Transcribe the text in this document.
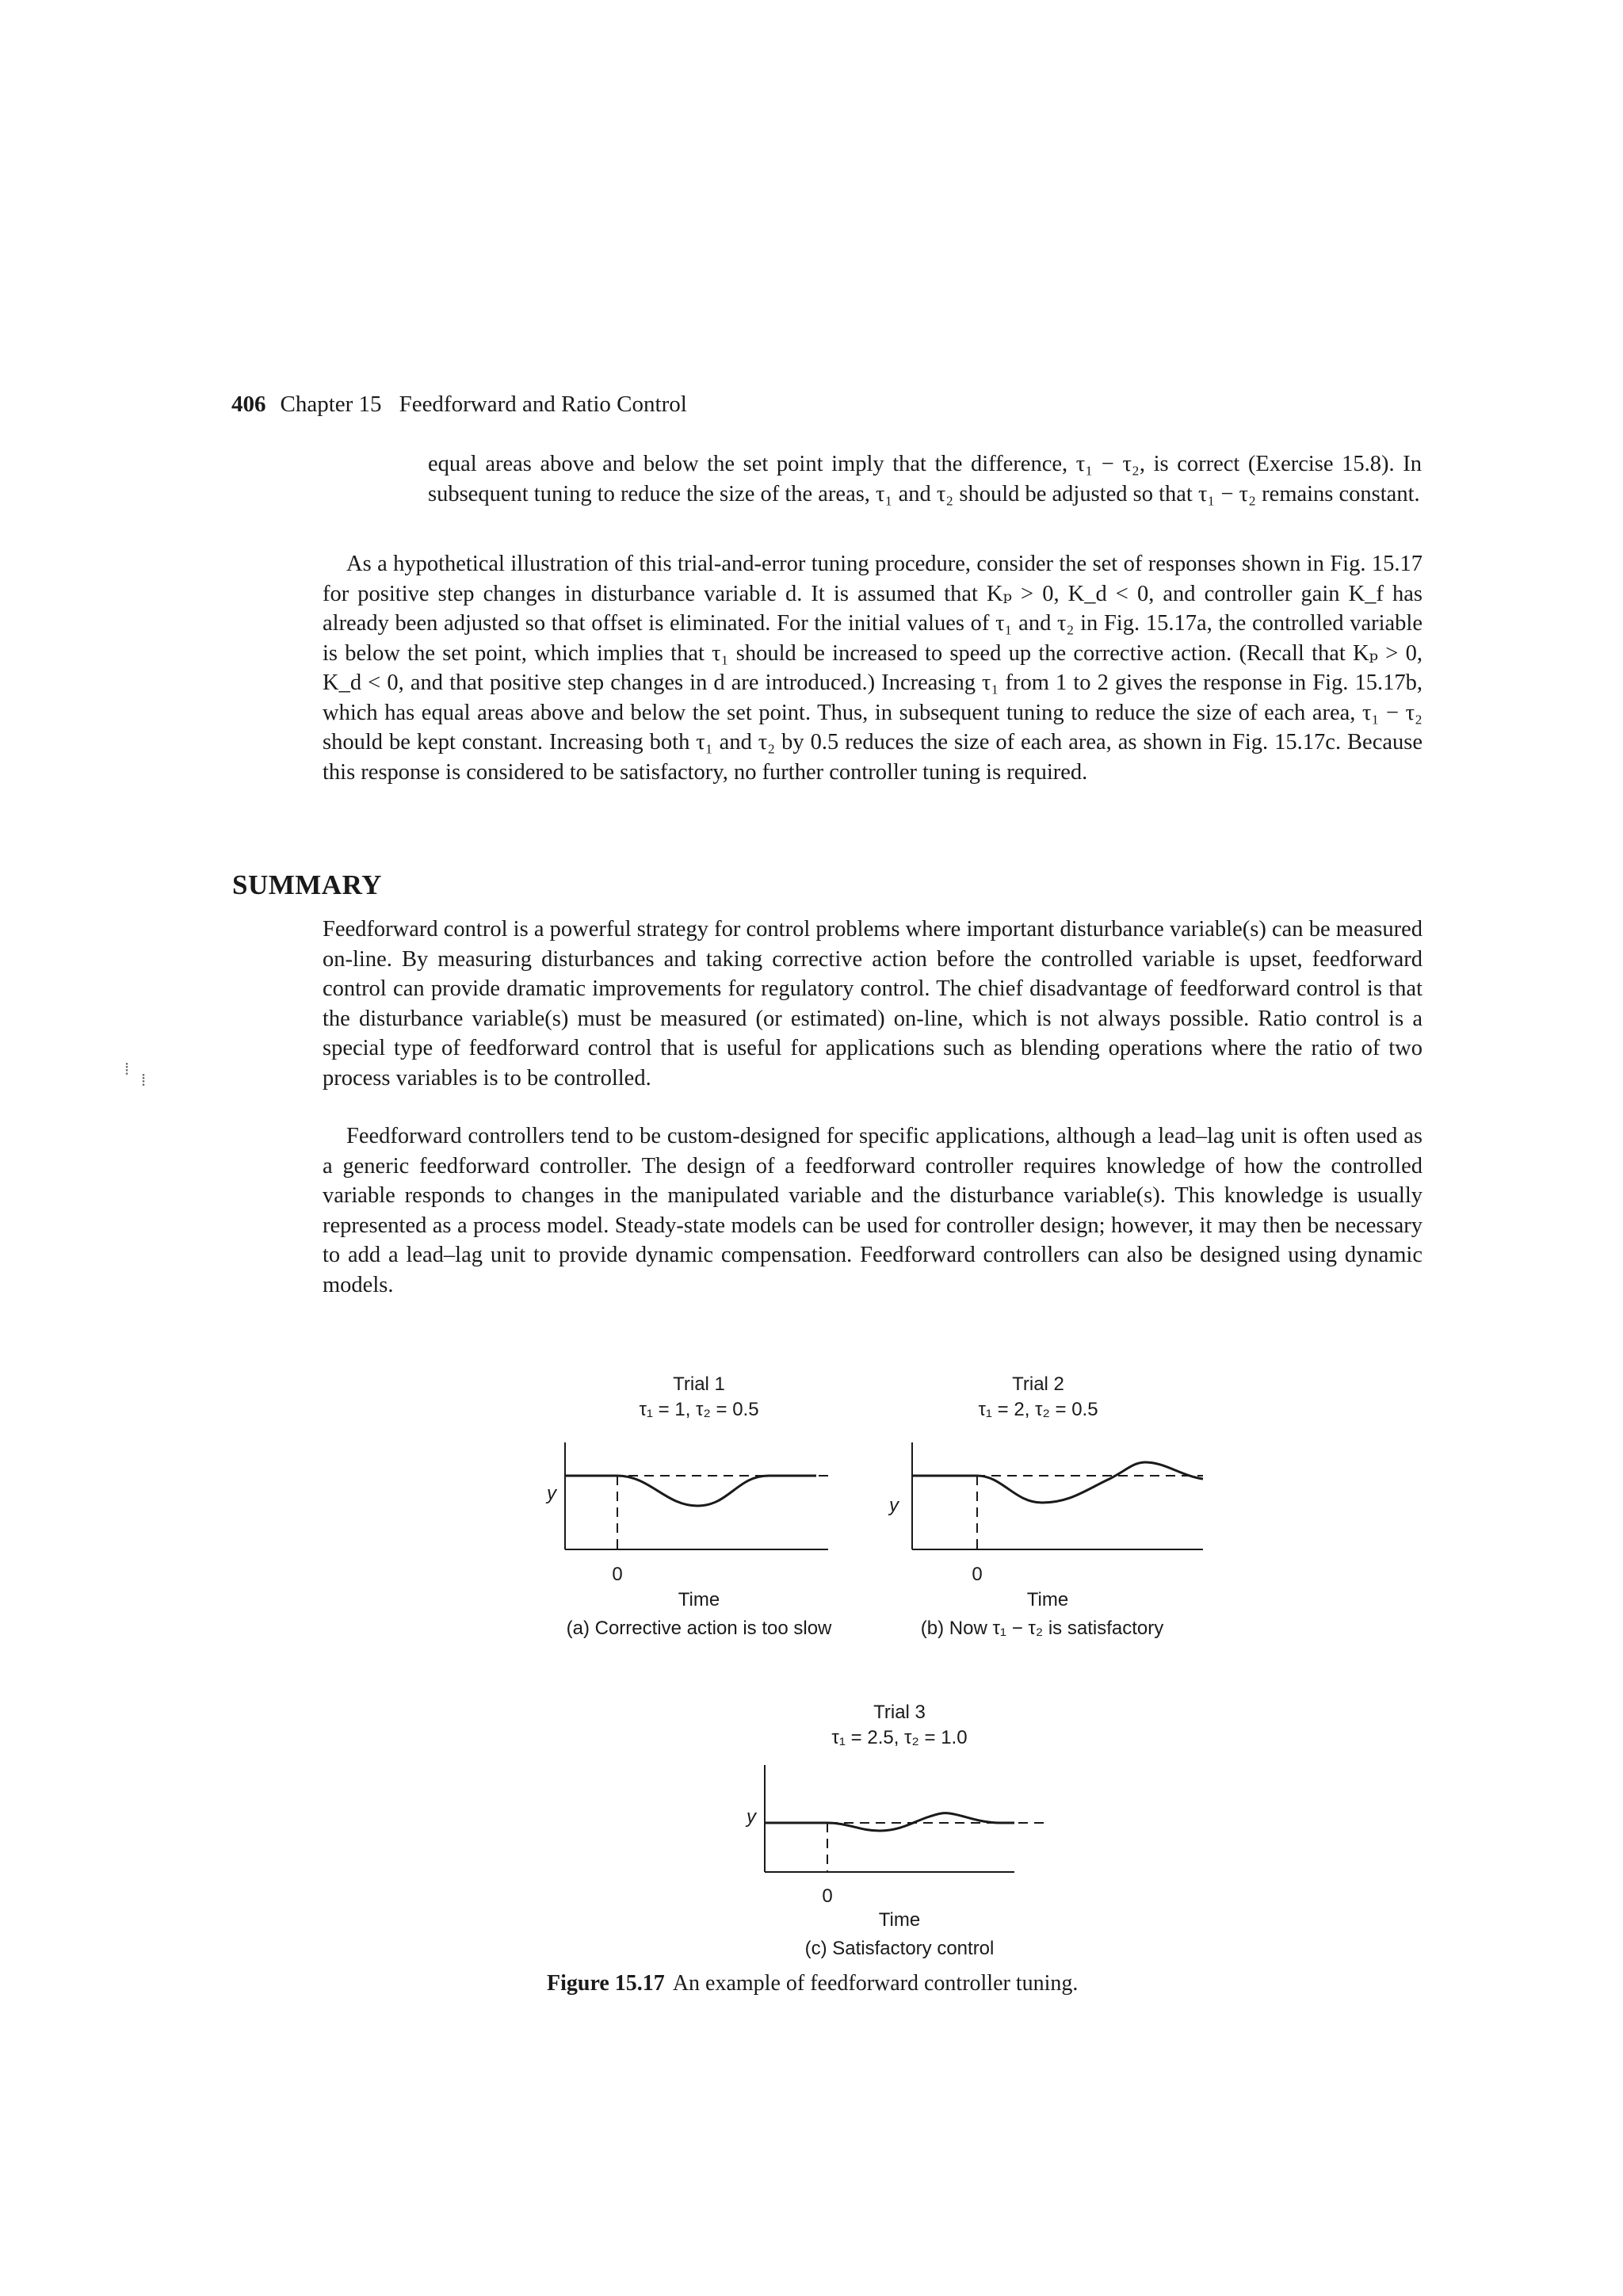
406 Chapter 15 Feedforward and Ratio Control

equal areas above and below the set point imply that the difference, τ₁ − τ₂, is correct (Exercise 15.8). In subsequent tuning to reduce the size of the areas, τ₁ and τ₂ should be adjusted so that τ₁ − τ₂ remains constant.

As a hypothetical illustration of this trial-and-error tuning procedure, consider the set of responses shown in Fig. 15.17 for positive step changes in disturbance variable d. It is assumed that Kₚ > 0, K_d < 0, and controller gain K_f has already been adjusted so that offset is eliminated. For the initial values of τ₁ and τ₂ in Fig. 15.17a, the controlled variable is below the set point, which implies that τ₁ should be increased to speed up the corrective action. (Recall that Kₚ > 0, K_d < 0, and that positive step changes in d are introduced.) Increasing τ₁ from 1 to 2 gives the response in Fig. 15.17b, which has equal areas above and below the set point. Thus, in subsequent tuning to reduce the size of each area, τ₁ − τ₂ should be kept constant. Increasing both τ₁ and τ₂ by 0.5 reduces the size of each area, as shown in Fig. 15.17c. Because this response is considered to be satisfactory, no further controller tuning is required.

SUMMARY

Feedforward control is a powerful strategy for control problems where important disturbance variable(s) can be measured on-line. By measuring disturbances and taking corrective action before the controlled variable is upset, feedforward control can provide dramatic improvements for regulatory control. The chief disadvantage of feedforward control is that the disturbance variable(s) must be measured (or estimated) on-line, which is not always possible. Ratio control is a special type of feedforward control that is useful for applications such as blending operations where the ratio of two process variables is to be controlled.

Feedforward controllers tend to be custom-designed for specific applications, although a lead–lag unit is often used as a generic feedforward controller. The design of a feedforward controller requires knowledge of how the controlled variable responds to changes in the manipulated variable and the disturbance variable(s). This knowledge is usually represented as a process model. Steady-state models can be used for controller design; however, it may then be necessary to add a lead–lag unit to provide dynamic compensation. Feedforward controllers can also be designed using dynamic models.

⁞
⁞
Trial 1
τ₁ = 1, τ₂ = 0.5
y
0
Time
(a) Corrective action is too slow
Trial 2
τ₁ = 2, τ₂ = 0.5
y
0
Time
(b) Now τ₁ − τ₂ is satisfactory
Trial 3
τ₁ = 2.5, τ₂ = 1.0
y
0
Time
(c) Satisfactory control
Figure 15.17 An example of feedforward controller tuning.
